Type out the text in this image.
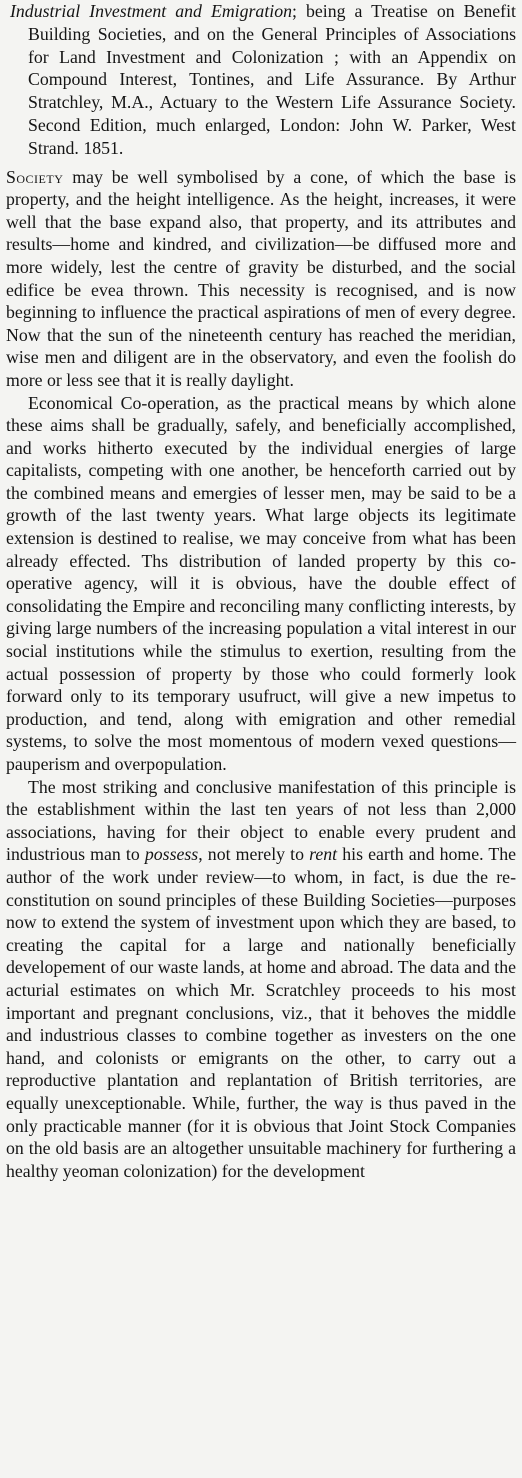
Industrial Investment and Emigration; being a Treatise on Benefit Building Societies, and on the General Principles of Associations for Land Investment and Colonization ; with an Appendix on Compound Interest, Tontines, and Life Assurance. By Arthur Stratchley, M.A., Actuary to the Western Life Assurance Society. Second Edition, much enlarged, London: John W. Parker, West Strand. 1851.

Society may be well symbolised by a cone, of which the base is property, and the height intelligence. As the height, increases, it were well that the base expand also, that property, and its attributes and results—home and kindred, and civilization—be diffused more and more widely, lest the centre of gravity be disturbed, and the social edifice be evea thrown. This necessity is recognised, and is now beginning to influence the practical aspirations of men of every degree. Now that the sun of the nineteenth century has reached the meridian, wise men and diligent are in the observatory, and even the foolish do more or less see that it is really daylight.

Economical Co-operation, as the practical means by which alone these aims shall be gradually, safely, and beneficially accomplished, and works hitherto executed by the individual energies of large capitalists, competing with one another, be henceforth carried out by the combined means and emergies of lesser men, may be said to be a growth of the last twenty years. What large objects its legitimate extension is destined to realise, we may conceive from what has been already effected. Ths distribution of landed property by this co-operative agency, will it is obvious, have the double effect of consolidating the Empire and reconciling many conflicting interests, by giving large numbers of the increasing population a vital interest in our social institutions while the stimulus to exertion, resulting from the actual possession of property by those who could formerly look forward only to its temporary usufruct, will give a new impetus to production, and tend, along with emigration and other remedial systems, to solve the most momentous of modern vexed questions—pauperism and overpopulation.

The most striking and conclusive manifestation of this principle is the establishment within the last ten years of not less than 2,000 associations, having for their object to enable every prudent and industrious man to possess, not merely to rent his earth and home. The author of the work under review—to whom, in fact, is due the re-constitution on sound principles of these Building Societies—purposes now to extend the system of investment upon which they are based, to creating the capital for a large and nationally beneficially developement of our waste lands, at home and abroad. The data and the acturial estimates on which Mr. Scratchley proceeds to his most important and pregnant conclusions, viz., that it behoves the middle and industrious classes to combine together as investers on the one hand, and colonists or emigrants on the other, to carry out a reproductive plantation and replantation of British territories, are equally unexceptionable. While, further, the way is thus paved in the only practicable manner (for it is obvious that Joint Stock Companies on the old basis are an altogether unsuitable machinery for furthering a healthy yeoman colonization) for the development
